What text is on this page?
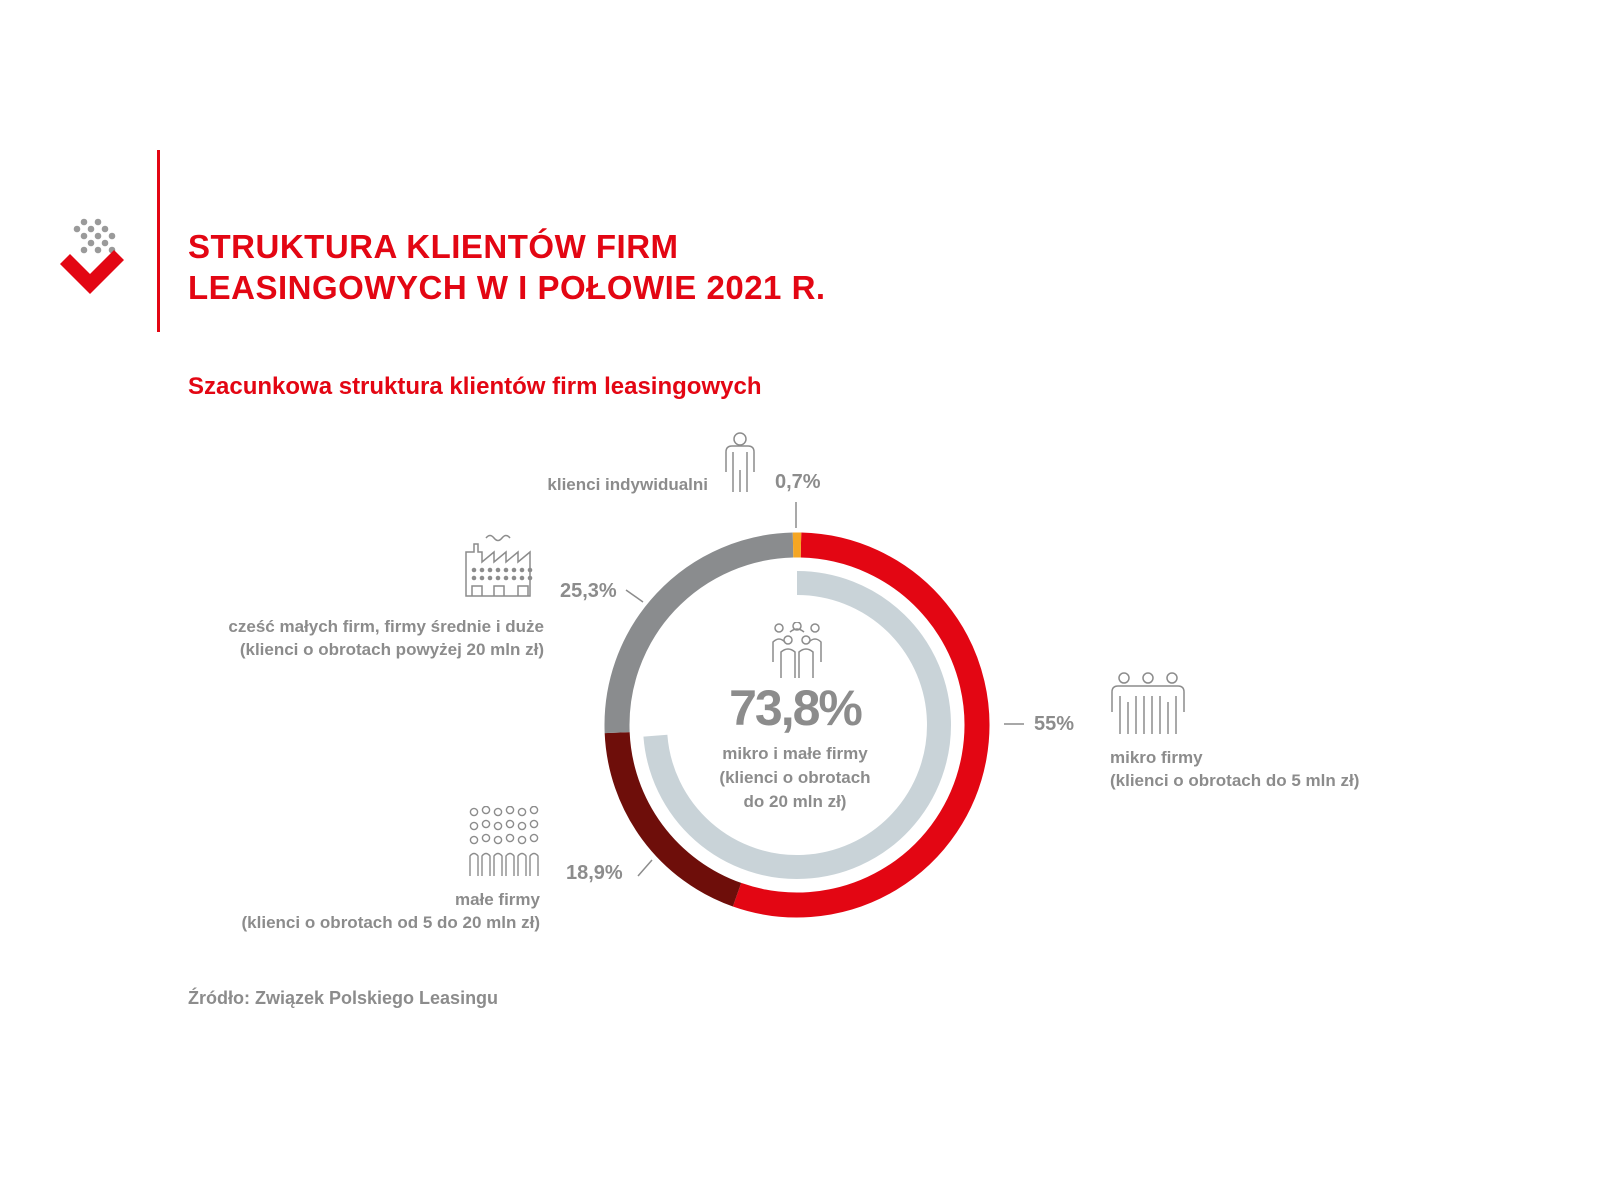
STRUKTURA KLIENTÓW FIRM LEASINGOWYCH W I POŁOWIE 2021 R.
Szacunkowa struktura klientów firm leasingowych
73,8%
mikro i małe firmy
(klienci o obrotach
do 20 mln zł)
klienci indywidualni	0,7%
25,3%
cześć małych firm, firmy średnie i duże
(klienci o obrotach powyżej 20 mln zł)
55%
mikro firmy
(klienci o obrotach do 5 mln zł)
18,9%
małe firmy
(klienci o obrotach od 5 do 20 mln zł)
Źródło: Związek Polskiego Leasingu
